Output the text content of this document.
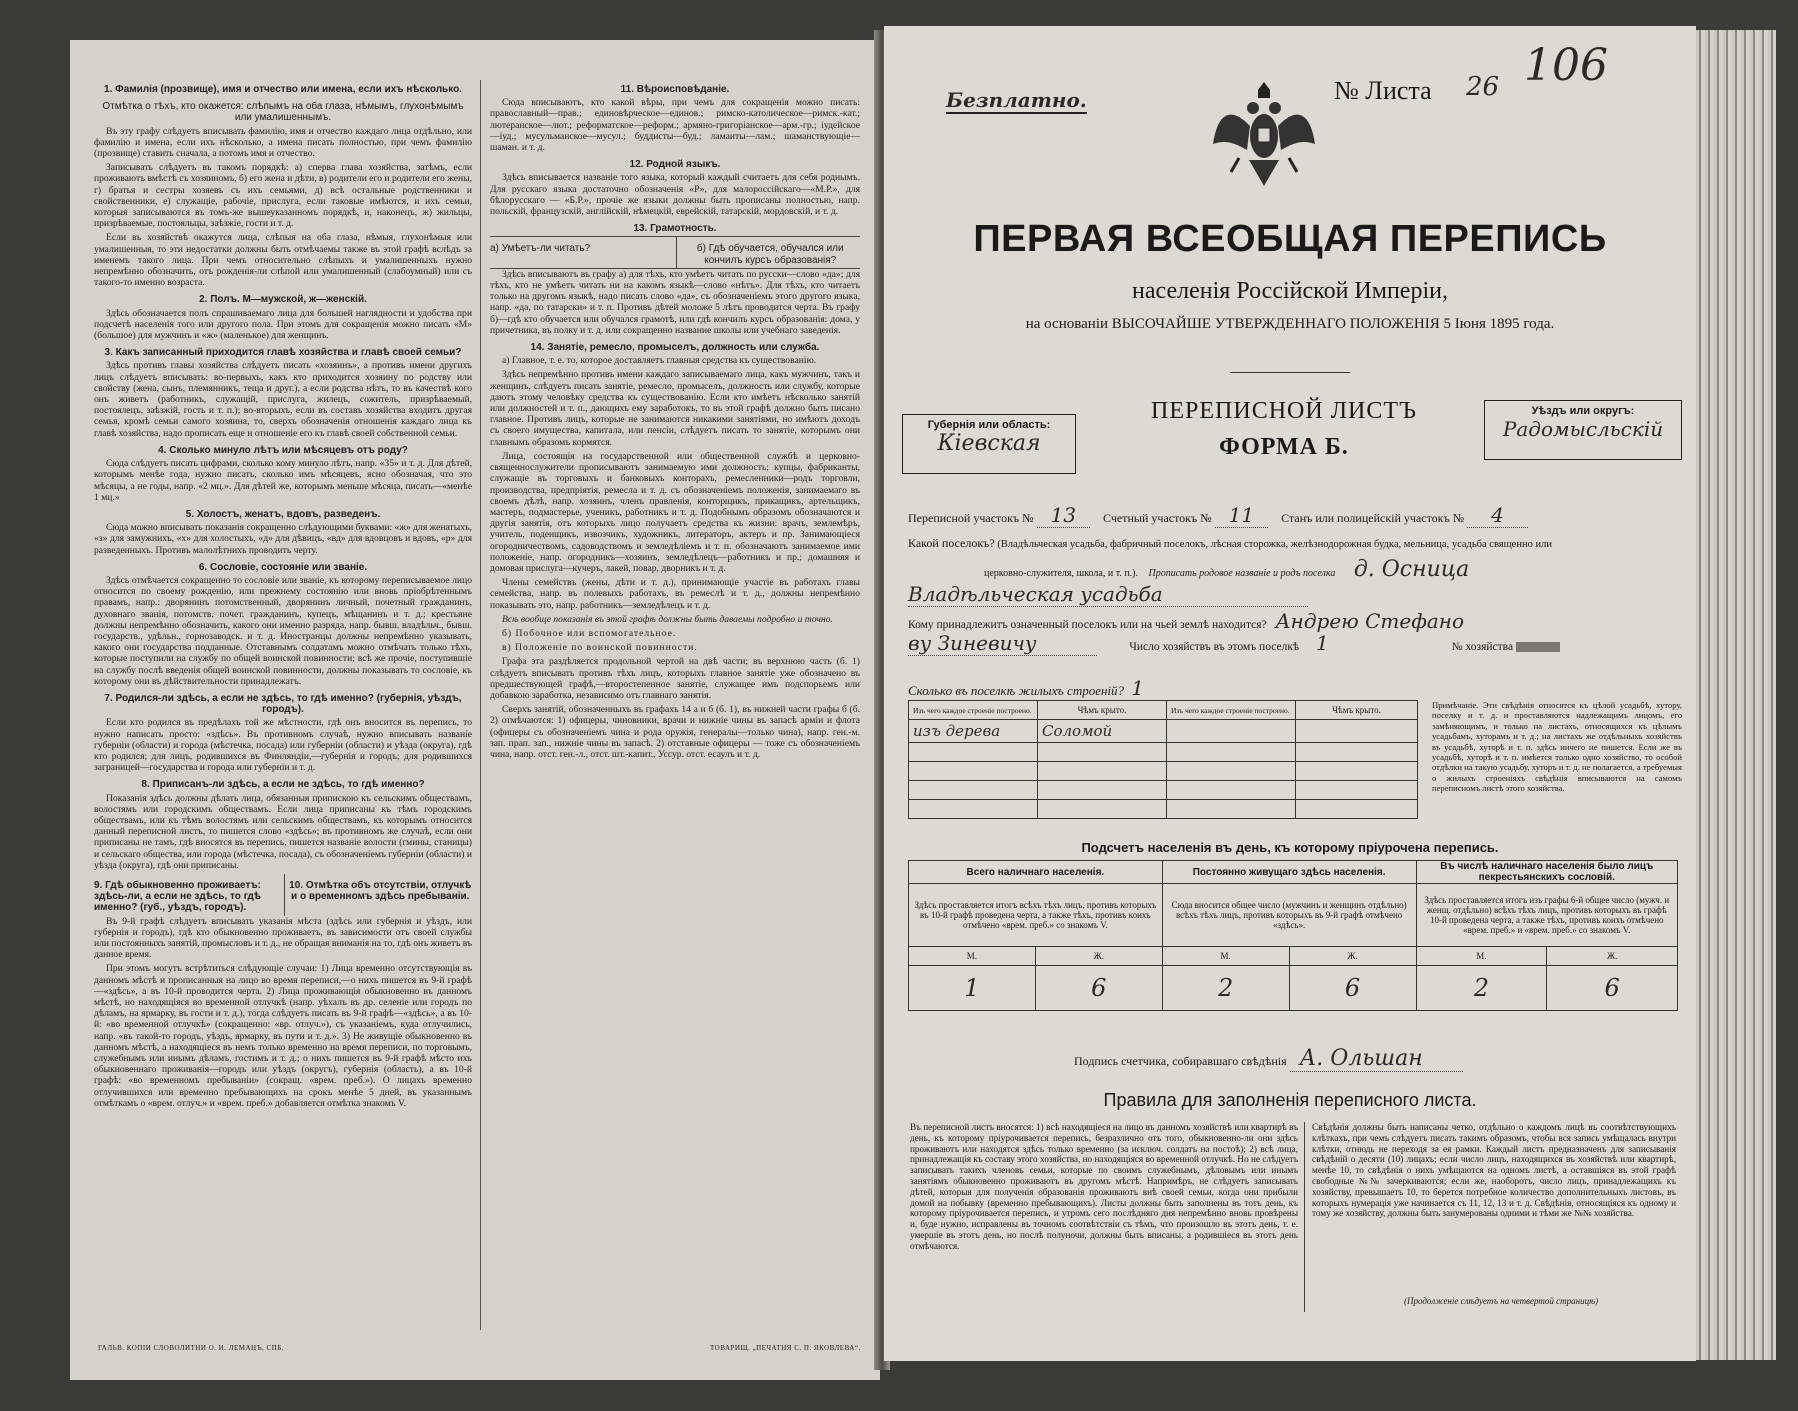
1. Фамилія (прозвище), имя и отчество или имена, если ихъ нѣсколько.
Отмѣтка о тѣхъ, кто окажется: слѣпымъ на оба глаза, нѣмымъ, глухонѣмымъ или умалишеннымъ.

Въ эту графу слѣдуетъ вписывать фамилію, имя и отчество каждаго лица отдѣльно, или фамилію и имена, если ихъ нѣсколько, а имена писать полностью, при чемъ фамилію (прозвище) ставить сначала, а потомъ имя и отчество.

Записывать слѣдуетъ въ такомъ порядкѣ: а) сперва глава хозяйства, затѣмъ, если проживаютъ вмѣстѣ съ хозяиномъ, б) его жена и дѣти, в) родители его и родители его жены, г) братья и сестры хозяевъ съ ихъ семьями, д) всѣ остальные родственники и свойственники, е) служащіе, рабочіе, прислуга, если таковые имѣются, и ихъ семьи, которыя записываются въ томъ-же вышеуказанномъ порядкѣ, и, наконецъ, ж) жильцы, призрѣваемые, постояльцы, заѣзжіе, гости и т. д.

Если въ хозяйствѣ окажутся лица, слѣпыя на оба глаза, нѣмыя, глухонѣмыя или умалишенныя, то эти недостатки должны быть отмѣчаемы также въ этой графѣ вслѣдъ за именемъ такого лица. При чемъ относительно слѣпыхъ и умалишенныхъ нужно непремѣнно обозначить, отъ рожденія-ли слѣпой или умалишенный (слабоумный) или съ такого-то именно возраста.

2. Полъ. М—мужской, ж—женскій.

Здѣсь обозначается полъ спрашиваемаго лица для большей наглядности и удобства при подсчетѣ населенія того или другого пола. При этомъ для сокращенія можно писать «М» (большое) для мужчинъ и «ж» (маленькое) для женщинъ.

3. Какъ записанный приходится главѣ хозяйства и главѣ своей семьи?

Здѣсь противъ главы хозяйства слѣдуетъ писать «хозяинъ», а противъ имени другихъ лицъ слѣдуетъ вписывать: во-первыхъ, какъ кто приходится хозяину по родству или свойству (жена, сынъ, племянникъ, теща и друг.), а если родства нѣтъ, то въ качествѣ кого онъ живетъ (работникъ, служащій, прислуга, жилецъ, сожитель, призрѣваемый, постоялецъ, заѣзжій, гость и т. п.); во-вторыхъ, если въ составъ хозяйства входитъ другая семья, кромѣ семьи самого хозяина, то, сверхъ обозначенія отношенія каждаго лица къ главѣ хозяйства, надо прописать еще и отношеніе его къ главѣ своей собственной семьи.

4. Сколько минуло лѣтъ или мѣсяцевъ отъ роду?

Сюда слѣдуетъ писать цифрами, сколько кому минуло лѣтъ, напр. «35» и т. д. Для дѣтей, которымъ менѣе года, нужно писать, сколько имъ мѣсяцевъ, ясно обозначая, что это мѣсяцы, а не годы, напр. «2 мц.». Для дѣтей же, которымъ меньше мѣсяца, писать—«менѣе 1 мц.»

5. Холостъ, женатъ, вдовъ, разведенъ.

Сюда можно вписывать показанія сокращенно слѣдующими буквами: «ж» для женатыхъ, «з» для замужнихъ, «х» для холостыхъ, «д» для дѣвицъ, «вд» для вдовцовъ и вдовъ, «р» для разведенныхъ. Противъ малолѣтнихъ проводить черту.

6. Сословіе, состояніе или званіе.

Здѣсь отмѣчается сокращенно то сословіе или званіе, къ которому переписываемое лицо относится по своему рожденію, или прежнему состоянію или вновь пріобрѣтеннымъ правамъ, напр.: дворянинъ потомственный, дворянинъ личный, почетный гражданинъ, духовнаго званія, потомств. почет. гражданинъ, купецъ, мѣщанинъ и т. д.; крестьяне должны непремѣнно обозначить, какого они именно разряда, напр. бывш. владѣльч., бывш. государств., удѣльн., горнозаводск. и т. д. Иностранцы должны непремѣнно указывать, какого они государства подданные. Отставнымъ солдатамъ можно отмѣчать только тѣхъ, которые поступили на службу по общей воинской повинности; всѣ же прочіе, поступившіе на службу послѣ введенія общей воинской повинности, должны показывать то сословіе, къ которому они въ дѣйствительности принадлежатъ.

7. Родился-ли здѣсь, а если не здѣсь, то гдѣ именно? (губернія, уѣздъ, городъ).

Если кто родился въ предѣлахъ той же мѣстности, гдѣ онъ вносится въ перепись, то нужно написать просто: «здѣсь». Въ противномъ случаѣ, нужно вписывать названіе губерніи (области) и города (мѣстечка, посада) или губерніи (области) и уѣзда (округа), гдѣ кто родился; для лицъ, родившихся въ Финляндіи,—губернія и городъ; для родившихся заграницей—государства и города или губерніи и т. д.

8. Приписанъ-ли здѣсь, а если не здѣсь, то гдѣ именно?

Показанія здѣсь должны дѣлать лица, обязанныя припискою къ сельскимъ обществамъ, волостямъ или городскимъ обществамъ. Если лица приписаны къ тѣмъ городскимъ обществамъ, или къ тѣмъ волостямъ или сельскимъ обществамъ, къ которымъ относится данный переписной листъ, то пишется слово «здѣсь»; въ противномъ же случаѣ, если они приписаны не тамъ, гдѣ вносятся въ перепись, пишется названіе волости (гмины, станицы) и сельскаго общества, или города (мѣстечка, посада), съ обозначеніемъ губерніи (области) и уѣзда (округа), гдѣ они приписаны.

9. Гдѣ обыкновенно проживаетъ: здѣсь-ли, а если не здѣсь, то гдѣ именно? (губ., уѣздъ, городъ).
10. Отмѣтка объ отсутствіи, отлучкѣ и о временномъ здѣсь пребываніи.

Въ 9-й графѣ слѣдуетъ вписывать указанія мѣста (здѣсь или губернія и уѣздъ, или губернія и городъ), гдѣ кто обыкновенно проживаетъ, въ зависимости отъ своей службы или постоянныхъ занятій, промысловъ и т. д., не обращая вниманія на то, гдѣ онъ живетъ въ данное время.

При этомъ могутъ встрѣтиться слѣдующіе случаи: 1) Лица временно отсутствующія въ данномъ мѣстѣ и прописанныя на лицо во время переписи,—о нихъ пишется въ 9-й графѣ—«здѣсь», а въ 10-й проводится черта. 2) Лица проживающія обыкновенно въ данномъ мѣстѣ, но находящіяся во временной отлучкѣ (напр. уѣхалъ въ др. селеніе или городъ по дѣламъ, на ярмарку, въ гости и т. д.), тогда слѣдуетъ писать въ 9-й графѣ—«здѣсь», а въ 10-й: «во временной отлучкѣ» (сокращенно: «вр. отлуч.»), съ указаніемъ, куда отлучились, напр. «въ такой-то городъ, уѣздъ, ярмарку, въ пути и т. д.». 3) Не живущіе обыкновенно въ данномъ мѣстѣ, а находящіеся въ немъ только временно на время переписи, по торговымъ, служебнымъ или инымъ дѣламъ, гостимъ и т. д.; о нихъ пишется въ 9-й графѣ мѣсто ихъ обыкновеннаго проживанія—городъ или уѣздъ (округъ), губернія (область), а въ 10-й графѣ: «во временномъ пребываніи» (сокращ. «врем. преб.»). О лицахъ временно отлучившихся или временно пребывающихъ на срокъ менѣе 5 дней, въ указаннымъ отмѣткамъ о «врем. отлуч.» и «врем. преб.» добавляется отмѣтка знакомъ V.

11. Вѣроисповѣданіе.

Сюда вписываютъ, кто какой вѣры, при чемъ для сокращенія можно писать: православный—прав.; единовѣрческое—единов.; римско-католическое—римск.-кат.; лютеранское—лют.; реформатское—реформ.; армяно-григоріанское—арм.-гр.; іудейское—іуд.; мусульманское—мусул.; буддисты—буд.; ламаиты—лам.; шаманствующіе—шаман. и т. д.

12. Родной языкъ.

Здѣсь вписывается названіе того языка, который каждый считаетъ для себя роднымъ. Для русскаго языка достаточно обозначенія «Р», для малороссійскаго—«М.Р.», для бѣлорусскаго — «Б.Р.», прочіе же языки должны быть прописаны полностью, напр. польскій, французскій, англійскій, нѣмецкій, еврейскій, татарскій, мордовскій, и т. д.

13. Грамотность.
а) Умѣетъ-ли читать?	б) Гдѣ обучается, обучался или кончилъ курсъ образованія?

Здѣсь вписываютъ въ графу а) для тѣхъ, кто умѣетъ читать по русски—слово «да»; для тѣхъ, кто не умѣетъ читать ни на какомъ языкѣ—слово «нѣтъ». Для тѣхъ, кто читаетъ только на другомъ языкѣ, надо писать слово «да», съ обозначеніемъ этого другого языка, напр. «да, по татарски» и т. п. Противъ дѣтей моложе 5 лѣтъ проводится черта. Въ графу б)—гдѣ кто обучается или обучался грамотѣ, или гдѣ кончилъ курсъ образованія: дома, у причетника, въ полку и т. д. или сокращенно название школы или учебнаго заведенія.

14. Занятіе, ремесло, промыселъ, должность или служба.

а) Главное, т. е. то, которое доставляетъ главныя средства къ существованію.

Здѣсь непремѣнно противъ имени каждаго записываемаго лица, какъ мужчинъ, такъ и женщинъ, слѣдуетъ писать занятіе, ремесло, промыселъ, должность или службу, которые даютъ этому человѣку средства къ существованію. Если кто имѣетъ нѣсколько занятій или должностей и т. п., дающихъ ему заработокъ, то въ этой графѣ должно быть писано главное. Противъ лицъ, которые не занимаются никакими занятіями, но имѣютъ доходъ съ своего имущества, капитала, или пенсіи, слѣдуетъ писать то занятіе, которымъ они главнымъ образомъ кормятся.

Лица, состоящія на государственной или общественной службѣ и церковно-священнослужители прописываютъ занимаемую ими должность; купцы, фабриканты, служащіе въ торговыхъ и банковыхъ конторахъ, ремесленники—родъ торговли, производства, предпріятія, ремесла и т. д. съ обозначеніемъ положенія, занимаемаго въ своемъ дѣлѣ, напр. хозяинъ, членъ правленія, конторщикъ, прикащикъ, артельщикъ, мастеръ, подмастерье, ученикъ, работникъ и т. д. Подобнымъ образомъ обозначаются и другія занятія, отъ которыхъ лицо получаетъ средства къ жизни: врачъ, землемѣръ, учитель, поденщикъ, извозчикъ, художникъ, литераторъ, актеръ и пр. Занимающіеся огородничествомъ, садоводствомъ и земледѣліемъ и т. п. обозначаютъ занимаемое ими положеніе, напр. огородникъ—хозяинъ, земледѣлецъ—работникъ и пр.; домашняя и домовая прислуга—кучеръ, лакей, повар, дворникъ и т. д.

Члены семействъ (жены, дѣти и т. д.), принимающіе участіе въ работахъ главы семейства, напр. въ полевыхъ работахъ, въ ремеслѣ и т. д., должны непремѣнно показывать это, напр. работникъ—земледѣлецъ и т. д.

Всѣ вообще показанія въ этой графѣ должны быть даваемы подробно и точно.

б) Побочное или вспомогательное.

в) Положеніе по воинской повинности.

Графа эта раздѣляется продольной чертой на двѣ части; въ верхнюю часть (б. 1) слѣдуетъ вписывать противъ тѣхъ лицъ, которыхъ главное занятіе уже обозначено въ предшествующей графѣ,—второстепенное занятіе, служащее имъ подспорьемъ или добавкою заработка, независимо отъ главнаго занятія.

Сверхъ занятій, обозначенныхъ въ графахъ 14 а и б (б. 1), въ нижней части графы б (б. 2) отмѣчаются: 1) офицеры, чиновники, врачи и нижніе чины въ запасѣ арміи и флота (офицеры съ обозначеніемъ чина и рода оружія, генералы—только чина), напр. ген.-м. зап. прап. зап., нижніе чины въ запасѣ. 2) отставные офицеры — тоже съ обозначеніемъ чина, напр. отст. ген.-л., отст. шт.-капит., Уссур. отст. есаулъ и т. д.

ГАЛЬВ. КОПІИ СЛОВОЛИТНИ О. И. ЛЕМАНЪ, СПБ.	ТОВАРИЩ. „ПЕЧАТНЯ С. П. ЯКОВЛЕВА“.
Безплатно.	№ Листа 26 106
ПЕРВАЯ ВСЕОБЩАЯ ПЕРЕПИСЬ
населенія Россійской Имперіи,
на основаніи ВЫСОЧАЙШЕ УТВЕРЖДЕННАГО ПОЛОЖЕНІЯ 5 Іюня 1895 года.
Губернія или область:
Кіевская
ПЕРЕПИСНОЙ ЛИСТЪ
ФОРМА Б.
Уѣздъ или округъ:
Радомысльскій
Переписной участокъ № 13 Счетный участокъ № 11 Станъ или полицейскій участокъ № 4
Какой поселокъ? (Владѣльческая усадьба, фабричный поселокъ, лѣсная сторожка, желѣзнодорожная будка, мельница, усадьба священно или
церковно-служителя, школа, и т. п.). Прописать родовое названіе и родъ поселка д. Осница
Владѣльческая усадьба
Кому принадлежитъ означенный поселокъ или на чьей землѣ находится? Андрею Стефано
ву Зиневичу	Число хозяйствъ въ этомъ поселкѣ 1	№ хозяйства
Сколько въ поселкѣ жилыхъ строеній? 1
Изъ чего каждое строеніе построено.	Чѣмъ крыто.	Изъ чего каждое строеніе построено.	Чѣмъ крыто.
изъ дерева	Соломой		

Примѣчаніе. Эти свѣдѣнія относятся къ цѣлой усадьбѣ, хутору, поселку и т. д. и проставляются надлежащимъ лицомъ, его замѣняющимъ, и только на листахъ, относящихся къ цѣлымъ усадьбамъ, хуторамъ и т. д.; на листахъ же отдѣльныхъ хозяйствъ въ усадьбѣ, хуторѣ и т. п. здѣсь ничего не пишется. Если же въ усадьбѣ, хуторѣ и т. п. имѣется только одно хозяйство, то особой отдѣлки на такую усадьбу, хуторъ и т. д. не полагается, а требуемыя о жилыхъ строеніяхъ свѣдѣнія вписываются на самомъ переписномъ листѣ этого хозяйства.
Подсчетъ населенія въ день, къ которому пріурочена перепись.
Всего наличнаго населенія.		Постоянно живущаго здѣсь населенія.		Въ числѣ наличнаго населенія было лицъ пекрестьянскихъ сословій.	
Здѣсь проставляется итогъ всѣхъ тѣхъ лицъ, противъ которыхъ въ 10-й графѣ проведена черта, а также тѣхъ, противъ коихъ отмѣчено «врем. преб.» со знакомъ V.		Сюда вносится общее число (мужчинъ и женщинъ отдѣльно) всѣхъ тѣхъ лицъ, противъ которыхъ въ 9-й графѣ отмѣчено «здѣсь».		Здѣсь проставляется итогъ изъ графы 6-й общее число (мужч. и женщ. отдѣльно) всѣхъ тѣхъ лицъ, противъ которыхъ въ графѣ 10-й проведена черта, а также тѣхъ, противъ коихъ отмѣчено «врем. преб.» и «врем. преб.» со знакомъ V.	
М.	Ж.	М.	Ж.	М.	Ж.
1	6	2	6	2	6
Подпись счетчика, собиравшаго свѣдѣнія А. Ольшан
Правила для заполненія переписного листа.
Въ переписной листъ вносятся: 1) всѣ находящіеся на лицо въ данномъ хозяйствѣ или квартирѣ въ день, къ которому пріурочивается перепись, безразлично отъ того, обыкновенно-ли они здѣсь проживаютъ или находятся здѣсь только временно (за исключ. солдатъ на постоѣ); 2) всѣ лица, принадлежащія къ составу этого хозяйства, но находящіяся во временной отлучкѣ. Но не слѣдуетъ записывать такихъ членовъ семьи, которые по своимъ служебнымъ, дѣловымъ или инымъ занятіямъ обыкновенно проживаютъ въ другомъ мѣстѣ. Напримѣръ, не слѣдуетъ записывать дѣтей, которыя для полученія образованія проживаютъ внѣ своей семьи, когда они прибыли домой на побывку (временно пребывающихъ). Листы должны быть заполнены въ тотъ день, къ которому пріурочивается перепись, и утромъ сего послѣдняго дня непремѣнно вновь провѣрены и, буде нужно, исправлены въ точномъ соотвѣтствіи съ тѣмъ, что произошло въ этотъ день, т. е. умершіе въ этотъ день, но послѣ полуночи, должны быть вписаны, а родившіеся въ этотъ день отмѣчаются.
Свѣдѣнія должны быть написаны четко, отдѣльно о каждомъ лицѣ въ соотвѣтствующихъ клѣткахъ, при чемъ слѣдуетъ писать такимъ образомъ, чтобы вся запись умѣщалась внутри клѣтки, отнюдь не переходя за ея рамки. Каждый листъ предназначенъ для записыванія свѣдѣній о десяти (10) лицахъ; если число лицъ, находящихся въ хозяйствѣ или квартирѣ, менѣе 10, то свѣдѣнія о нихъ умѣщаются на одномъ листѣ, а оставшіяся въ этой графѣ свободные №№ зачеркиваются; если же, наоборотъ, число лицъ, принадлежащихъ къ хозяйству, превышаетъ 10, то берется потребное количество дополнительныхъ листовъ, въ которыхъ нумерація уже начинается съ 11, 12, 13 и т. д. Свѣдѣнія, относящіяся къ одному и тому же хозяйству, должны быть занумерованы одними и тѣми же №№ хозяйства.
(Продолженіе слѣдуетъ на четвертой страницѣ)
